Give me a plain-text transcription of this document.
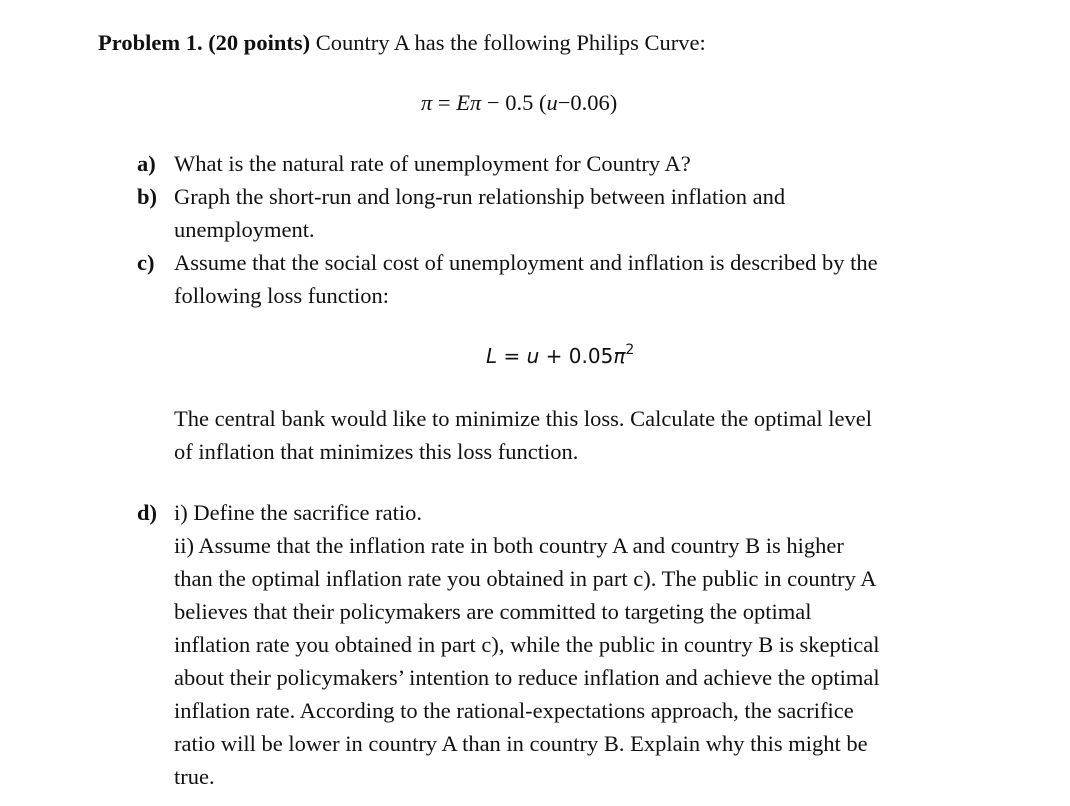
Problem 1. (20 points) Country A has the following Philips Curve:
π = Eπ − 0.5 (u−0.06)
a) What is the natural rate of unemployment for Country A?
b) Graph the short-run and long-run relationship between inflation and
unemployment.
c) Assume that the social cost of unemployment and inflation is described by the
following loss function:
$L = u + 0.05\pi^2$
The central bank would like to minimize this loss. Calculate the optimal level
of inflation that minimizes this loss function.
d) i) Define the sacrifice ratio.
ii) Assume that the inflation rate in both country A and country B is higher
than the optimal inflation rate you obtained in part c). The public in country A
believes that their policymakers are committed to targeting the optimal
inflation rate you obtained in part c), while the public in country B is skeptical
about their policymakers’ intention to reduce inflation and achieve the optimal
inflation rate. According to the rational-expectations approach, the sacrifice
ratio will be lower in country A than in country B. Explain why this might be
true.
